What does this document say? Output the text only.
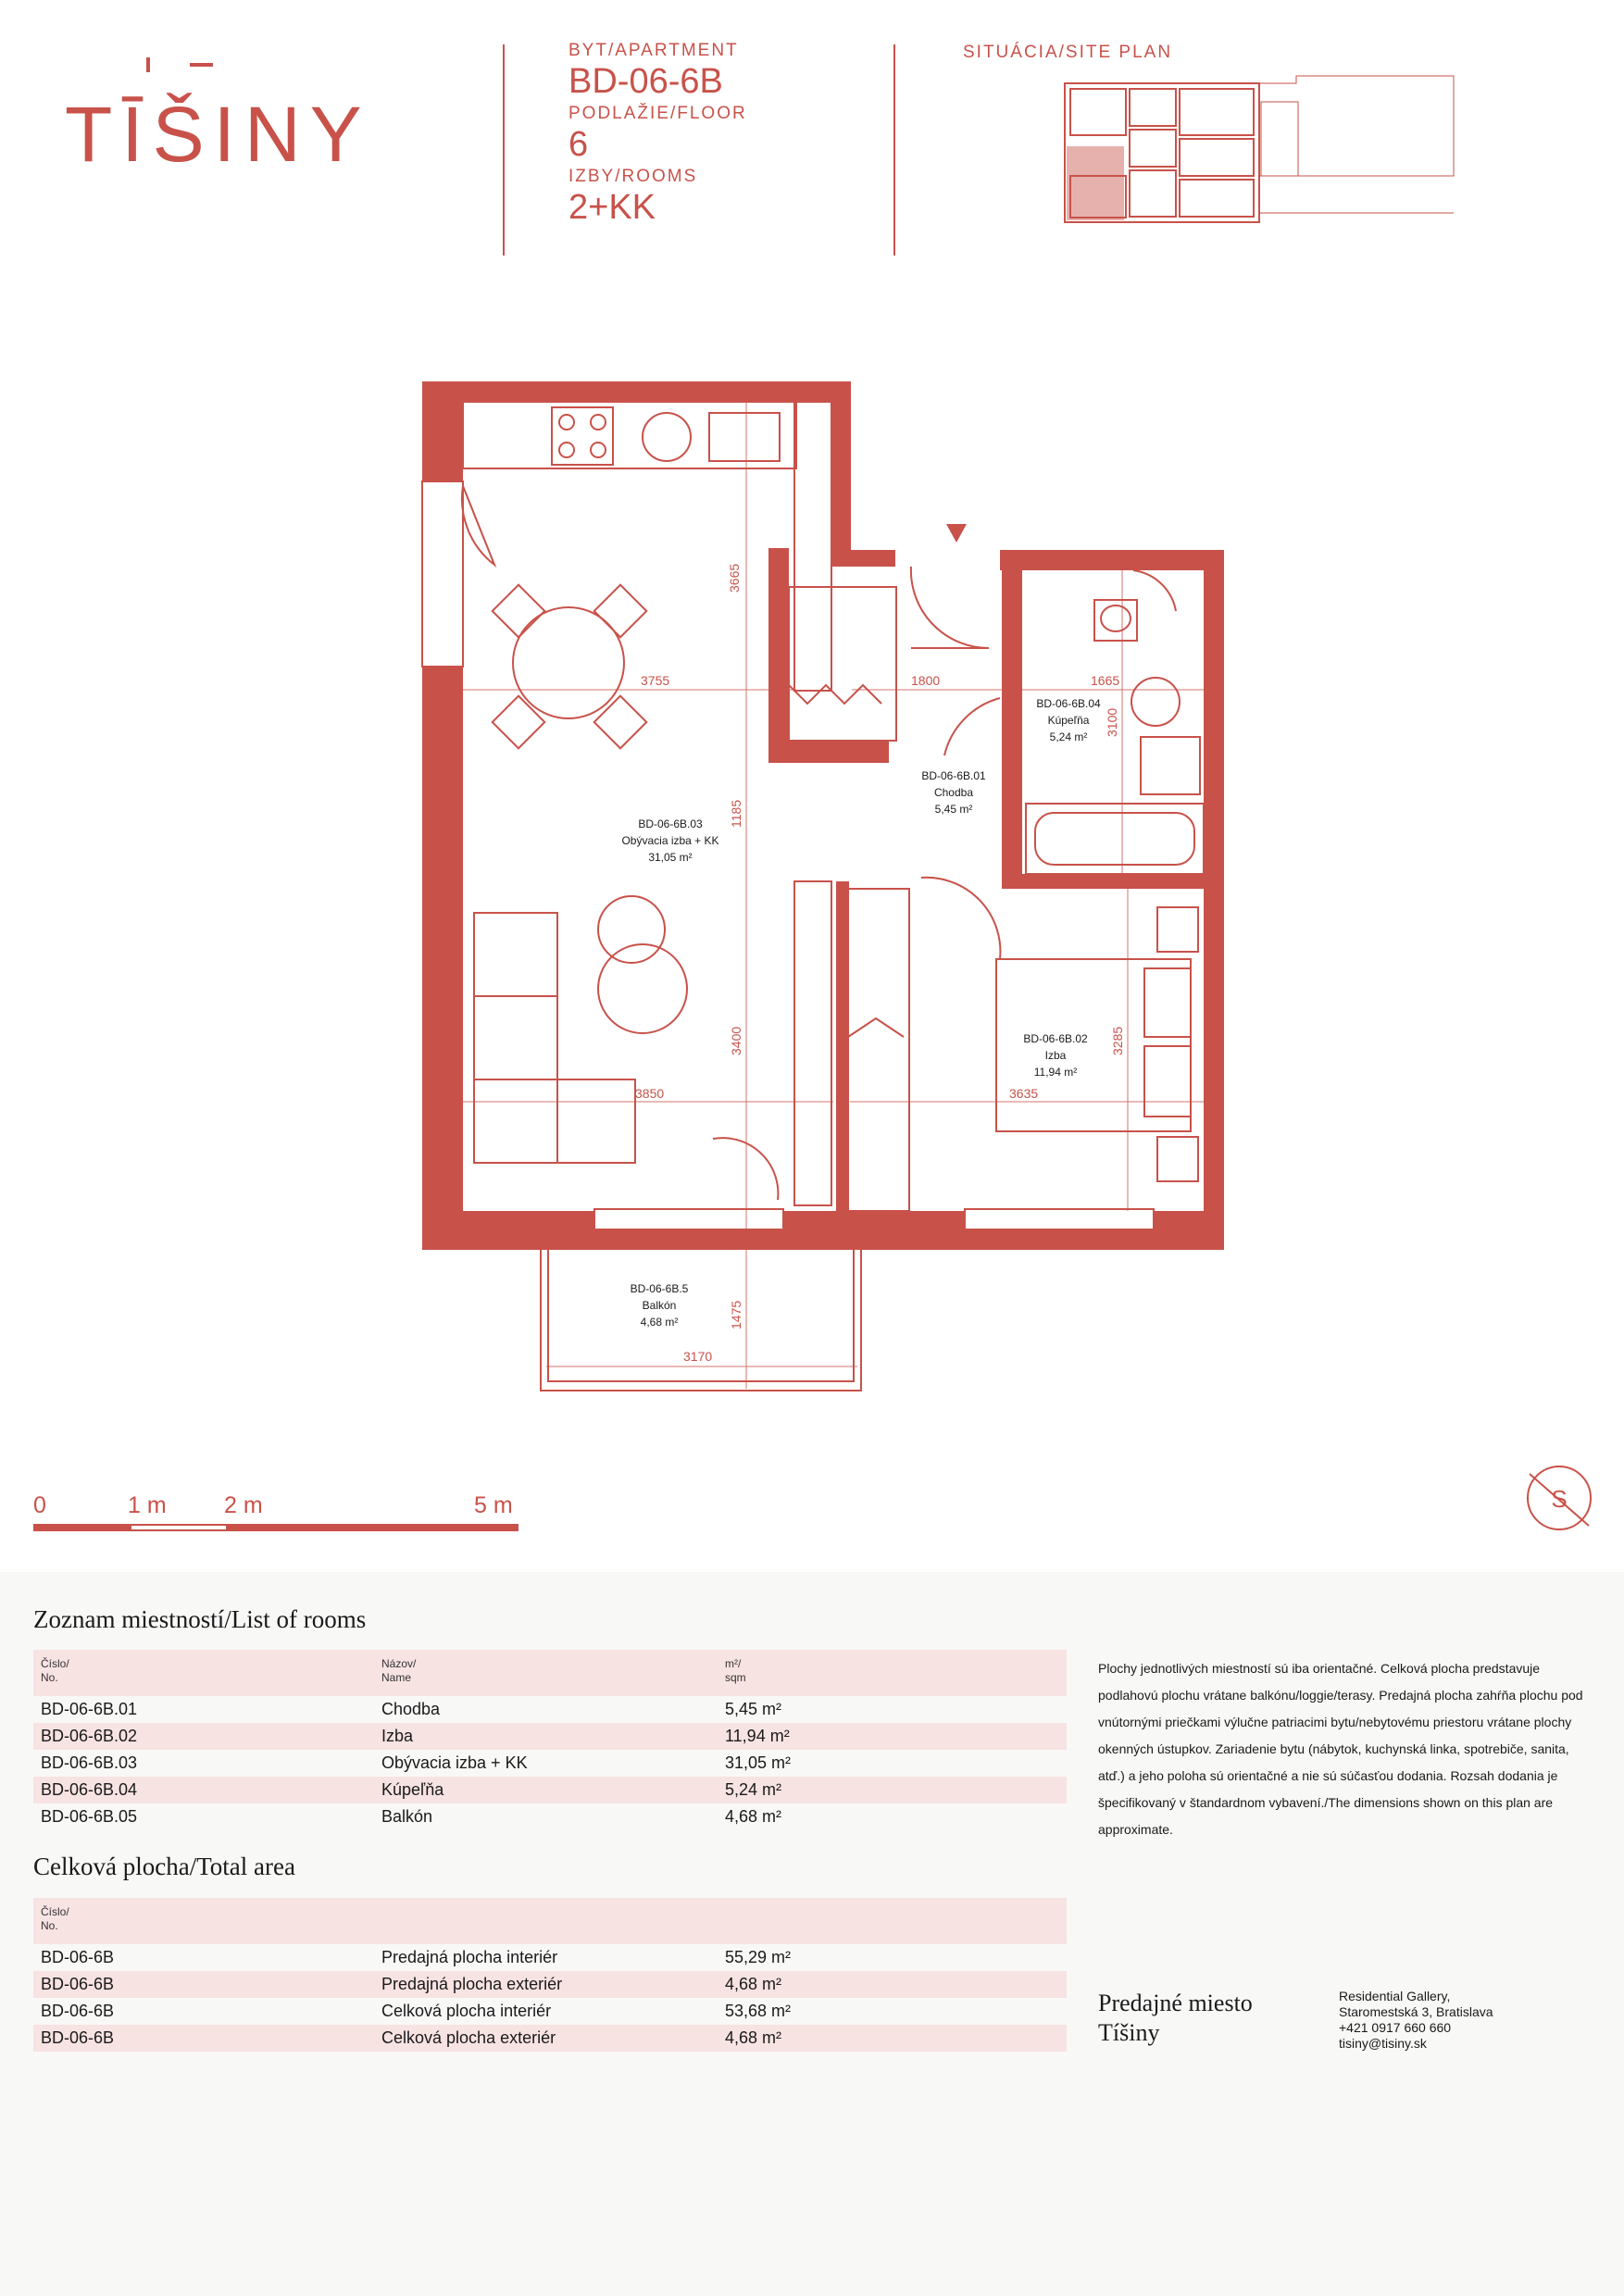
TĪŠINY
BYT/APARTMENT
BD-06-6B
PODLAŽIE/FLOOR
6
IZBY/ROOMS
2+KK
SITUÁCIA/SITE PLAN
3665
3755	1800	1665
3100
1185
3400
3850	3635
3285
1475
3170
BD-06-6B.03
Obývacia izba + KK
31,05 m²
BD-06-6B.01
Chodba
5,45 m²
BD-06-6B.04
Kúpeľňa
5,24 m²
BD-06-6B.02
Izba
11,94 m²
BD-06-6B.5
Balkón
4,68 m²
S
0	1 m 2 m	5 m
Zoznam miestností/List of rooms
Číslo/
No.
Názov/
Name
m²/
sqm
BD-06-6B.01	Chodba	5,45 m²
BD-06-6B.02	Izba	11,94 m²
BD-06-6B.03	Obývacia izba + KK	31,05 m²
BD-06-6B.04	Kúpeľňa	5,24 m²
BD-06-6B.05	Balkón	4,68 m²
Celková plocha/Total area
Číslo/
No.
BD-06-6B	Predajná plocha interiér	55,29 m²
BD-06-6B	Predajná plocha exteriér	4,68 m²
BD-06-6B	Celková plocha interiér	53,68 m²
BD-06-6B	Celková plocha exteriér	4,68 m²
Plochy jednotlivých miestností sú iba orientačné. Celková plocha predstavuje podlahovú plochu vrátane balkónu/loggie/terasy. Predajná plocha zahŕňa plochu pod vnútornými priečkami výlučne patriacimi bytu/nebytovému priestoru vrátane plochy okenných ústupkov. Zariadenie bytu (nábytok, kuchynská linka, spotrebiče, sanita, atď.) a jeho poloha sú orientačné a nie sú súčasťou dodania. Rozsah dodania je špecifikovaný v štandardnom vybavení./The dimensions shown on this plan are approximate.
Predajné miesto
Tíšiny
Residential Gallery,
Staromestská 3, Bratislava
+421 0917 660 660
tisiny@tisiny.sk
